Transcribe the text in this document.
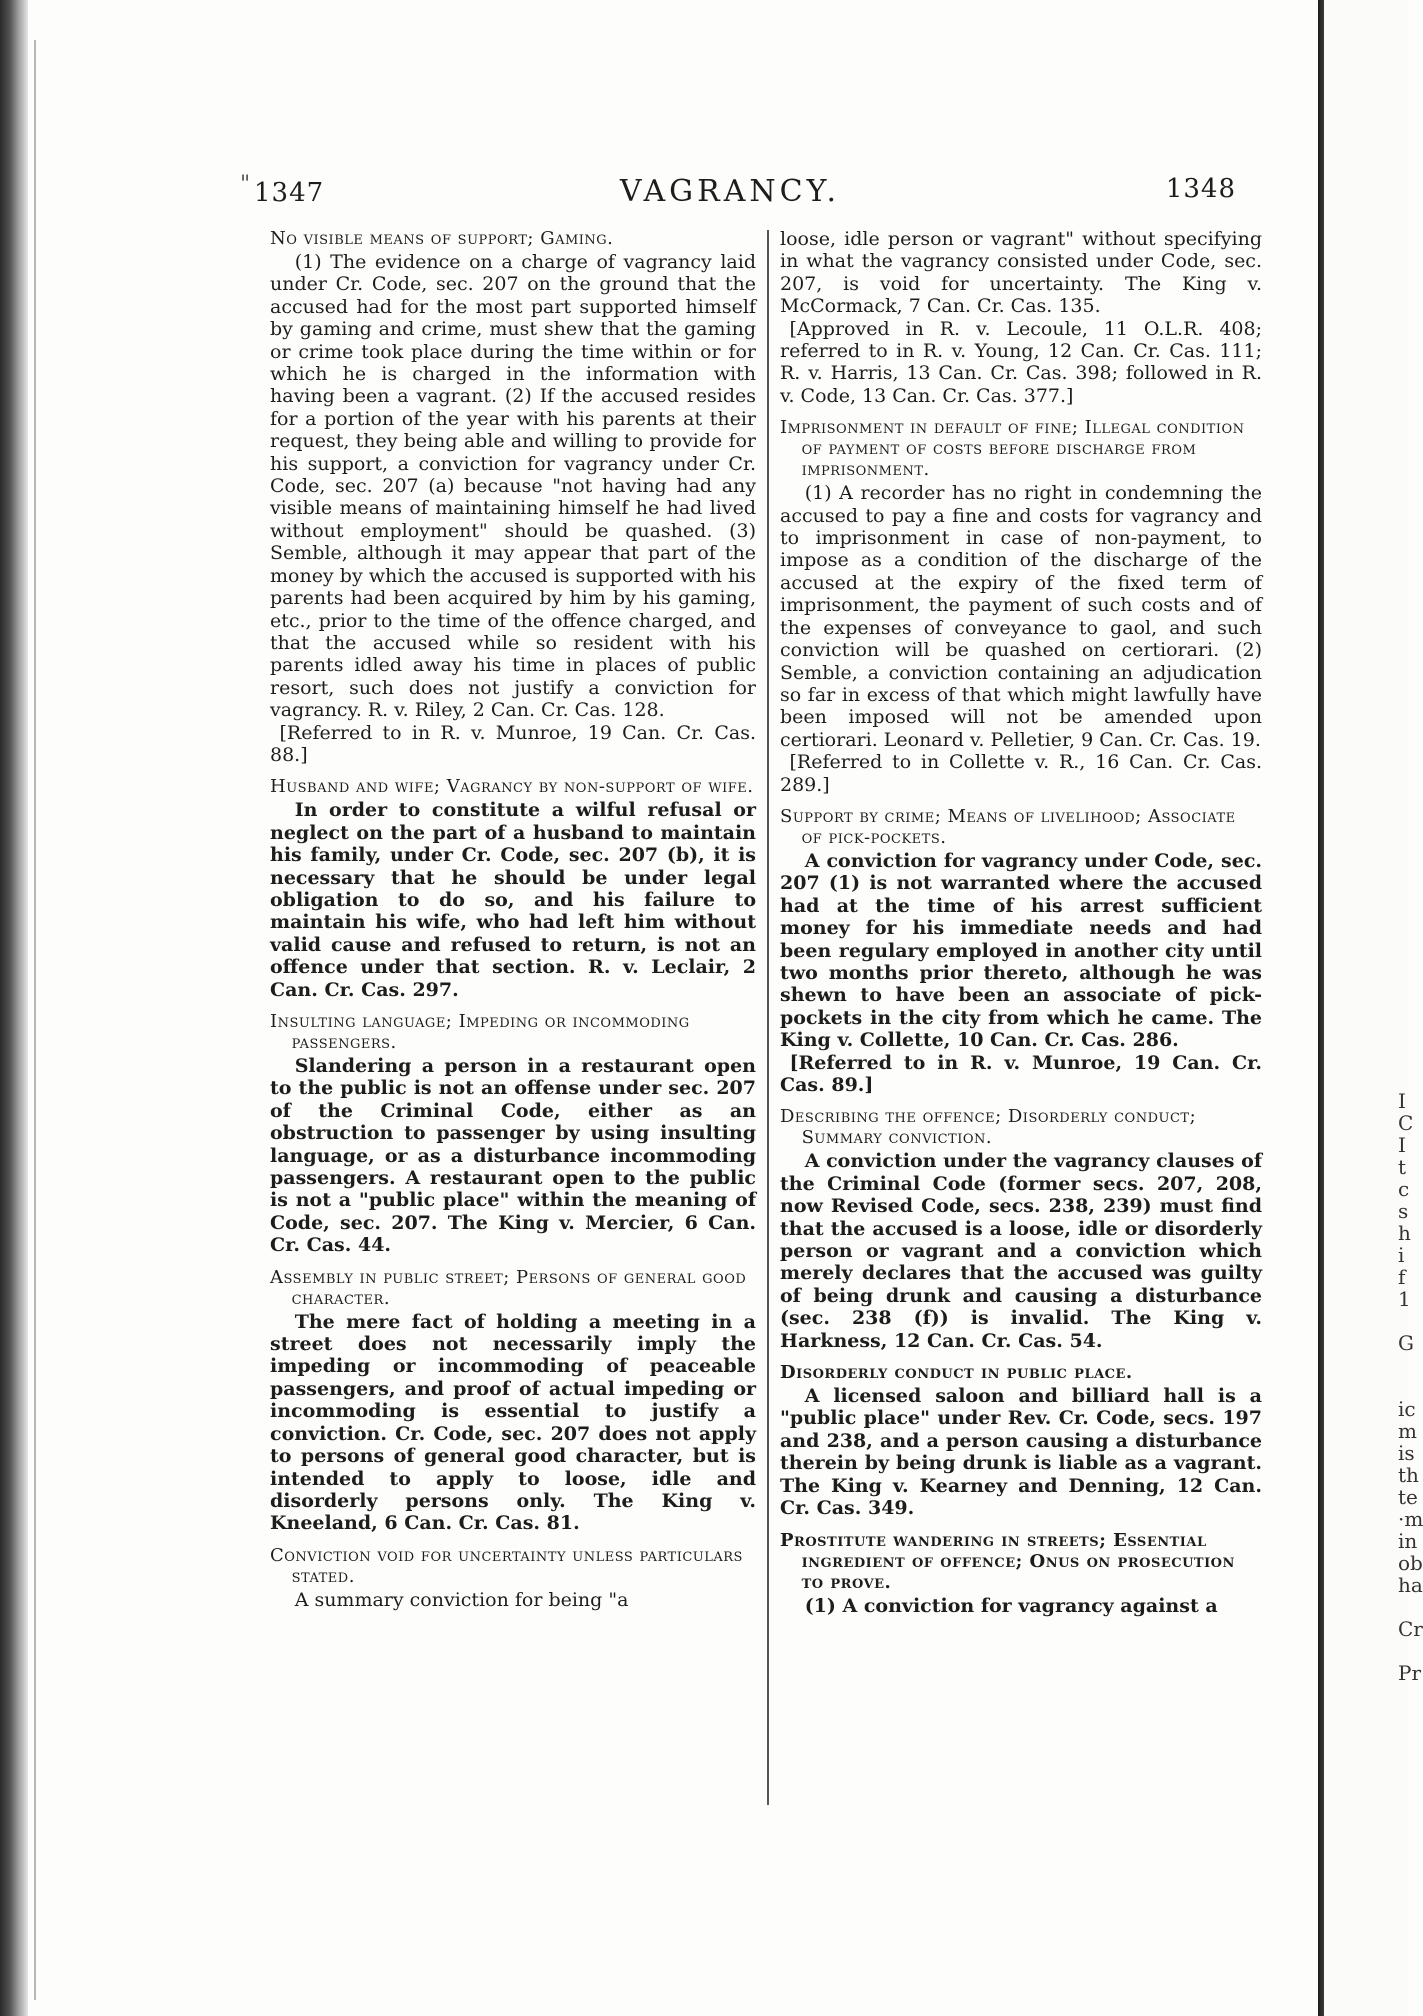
I
C
I
t
c
s
h
i
f
1
G
ic
m
is
th
te
·m
in
ob
ha
Cr
Pr
" 1347	VAGRANCY.	1348
No visible means of support; Gaming.

(1) The evidence on a charge of vagrancy laid under Cr. Code, sec. 207 on the ground that the accused had for the most part supported himself by gaming and crime, must shew that the gaming or crime took place during the time within or for which he is charged in the information with having been a vagrant. (2) If the accused resides for a portion of the year with his parents at their request, they being able and willing to provide for his support, a conviction for vagrancy under Cr. Code, sec. 207 (a) because "not having had any visible means of maintaining himself he had lived without employment" should be quashed. (3) Semble, although it may appear that part of the money by which the accused is supported with his parents had been acquired by him by his gaming, etc., prior to the time of the offence charged, and that the accused while so resident with his parents idled away his time in places of public resort, such does not justify a conviction for vagrancy. R. v. Riley, 2 Can. Cr. Cas. 128.

[Referred to in R. v. Munroe, 19 Can. Cr. Cas. 88.]

Husband and wife; Vagrancy by non-support of wife.

In order to constitute a wilful refusal or neglect on the part of a husband to maintain his family, under Cr. Code, sec. 207 (b), it is necessary that he should be under legal obligation to do so, and his failure to maintain his wife, who had left him without valid cause and refused to return, is not an offence under that section. R. v. Leclair, 2 Can. Cr. Cas. 297.

Insulting language; Impeding or incommoding passengers.

Slandering a person in a restaurant open to the public is not an offense under sec. 207 of the Criminal Code, either as an obstruction to passenger by using insulting language, or as a disturbance incommoding passengers. A restaurant open to the public is not a "public place" within the meaning of Code, sec. 207. The King v. Mercier, 6 Can. Cr. Cas. 44.

Assembly in public street; Persons of general good character.

The mere fact of holding a meeting in a street does not necessarily imply the impeding or incommoding of peaceable passengers, and proof of actual impeding or incommoding is essential to justify a conviction. Cr. Code, sec. 207 does not apply to persons of general good character, but is intended to apply to loose, idle and disorderly persons only. The King v. Kneeland, 6 Can. Cr. Cas. 81.

Conviction void for uncertainty unless particulars stated.

A summary conviction for being "a

loose, idle person or vagrant" without specifying in what the vagrancy consisted under Code, sec. 207, is void for uncertainty. The King v. McCormack, 7 Can. Cr. Cas. 135.

[Approved in R. v. Lecoule, 11 O.L.R. 408; referred to in R. v. Young, 12 Can. Cr. Cas. 111; R. v. Harris, 13 Can. Cr. Cas. 398; followed in R. v. Code, 13 Can. Cr. Cas. 377.]

Imprisonment in default of fine; Illegal condition of payment of costs before discharge from imprisonment.

(1) A recorder has no right in condemning the accused to pay a fine and costs for vagrancy and to imprisonment in case of non-payment, to impose as a condition of the discharge of the accused at the expiry of the fixed term of imprisonment, the payment of such costs and of the expenses of conveyance to gaol, and such conviction will be quashed on certiorari. (2) Semble, a conviction containing an adjudication so far in excess of that which might lawfully have been imposed will not be amended upon certiorari. Leonard v. Pelletier, 9 Can. Cr. Cas. 19.

[Referred to in Collette v. R., 16 Can. Cr. Cas. 289.]

Support by crime; Means of livelihood; Associate of pick-pockets.

A conviction for vagrancy under Code, sec. 207 (1) is not warranted where the accused had at the time of his arrest sufficient money for his immediate needs and had been regulary employed in another city until two months prior thereto, although he was shewn to have been an associate of pick-pockets in the city from which he came. The King v. Collette, 10 Can. Cr. Cas. 286.

[Referred to in R. v. Munroe, 19 Can. Cr. Cas. 89.]

Describing the offence; Disorderly conduct; Summary conviction.

A conviction under the vagrancy clauses of the Criminal Code (former secs. 207, 208, now Revised Code, secs. 238, 239) must find that the accused is a loose, idle or disorderly person or vagrant and a conviction which merely declares that the accused was guilty of being drunk and causing a disturbance (sec. 238 (f)) is invalid. The King v. Harkness, 12 Can. Cr. Cas. 54.

Disorderly conduct in public place.

A licensed saloon and billiard hall is a "public place" under Rev. Cr. Code, secs. 197 and 238, and a person causing a disturbance therein by being drunk is liable as a vagrant. The King v. Kearney and Denning, 12 Can. Cr. Cas. 349.

Prostitute wandering in streets; Essential ingredient of offence; Onus on prosecution to prove.

(1) A conviction for vagrancy against a
